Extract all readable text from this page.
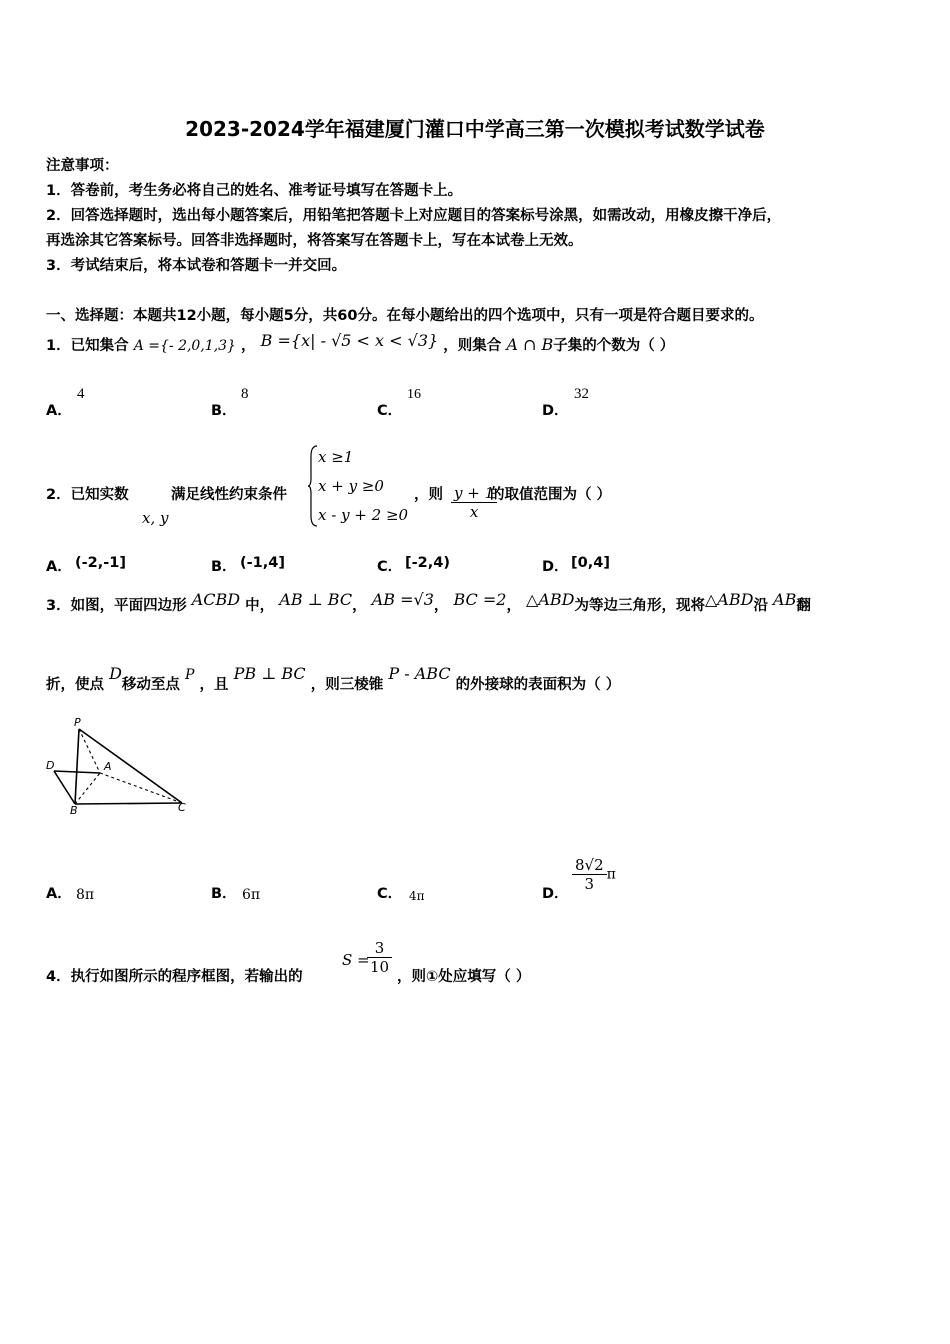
2023-2024学年福建厦门灌口中学高三第一次模拟考试数学试卷
注意事项：
1．答卷前，考生务必将自己的姓名、准考证号填写在答题卡上。
2．回答选择题时，选出每小题答案后，用铅笔把答题卡上对应题目的答案标号涂黑，如需改动，用橡皮擦干净后，
再选涂其它答案标号。回答非选择题时，将答案写在答题卡上，写在本试卷上无效。
3．考试结束后，将本试卷和答题卡一并交回。
一、选择题：本题共12小题，每小题5分，共60分。在每小题给出的四个选项中，只有一项是符合题目要求的。
1．已知集合 A ={- 2,0,1,3} ， B ={x| - √5 < x < √3} ，则集合 A ∩ B子集的个数为（ ）
A．
4
B．
8
C．
16
D．
32
2．已知实数
x, y
满足线性约束条件
x ≥1
x + y ≥0
x - y + 2 ≥0
，则 $\frac{y + 1}{x}$
的取值范围为（ ）
A． (-2,-1]	B． (-1,4]	C． [-2,4)	D． [0,4]
3．如图，平面四边形 ACBD 中， AB ⊥ BC， AB =√3， BC =2， △ABD为等边三角形，现将△ABD沿 AB翻
折，使点 D移动至点 P ，且 PB ⊥ BC ，则三棱锥 P - ABC 的外接球的表面积为（ ）
P
D	A
B	C
A． 8π	B． 6π	C． 4π	D．
$\frac{8√2}{3}$ π
4．执行如图所示的程序框图，若输出的
S =
$\frac{3}{10}$
，则①处应填写（ ）
